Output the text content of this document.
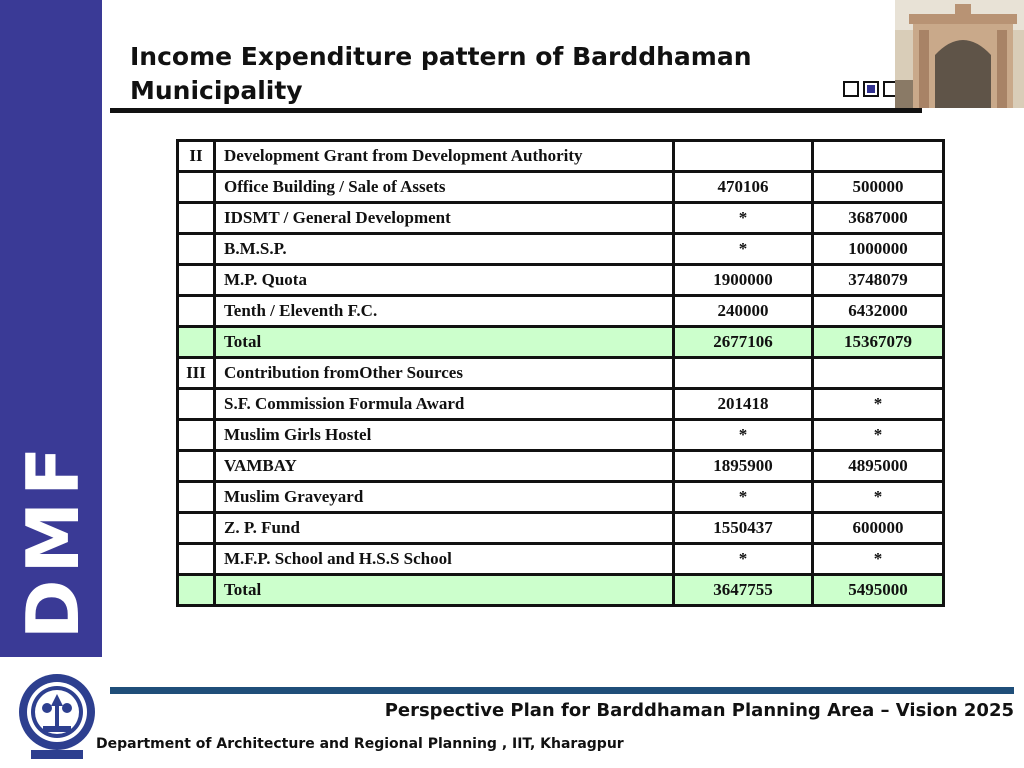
DMF
Income Expenditure pattern of Barddhaman Municipality
II	Development Grant from Development Authority		
	Office Building / Sale of Assets	470106	500000
	IDSMT / General Development	*	3687000
	B.M.S.P.	*	1000000
	M.P. Quota	1900000	3748079
	Tenth / Eleventh F.C.	240000	6432000
	Total	2677106	15367079
III	Contribution fromOther Sources		
	S.F. Commission Formula Award	201418	*
	Muslim Girls Hostel	*	*
	VAMBAY	1895900	4895000
	Muslim Graveyard	*	*
	Z. P. Fund	1550437	600000
	M.F.P. School and H.S.S School	*	*
	Total	3647755	5495000
Perspective Plan for Barddhaman Planning Area – Vision 2025
Department of Architecture and Regional Planning , IIT, Kharagpur
